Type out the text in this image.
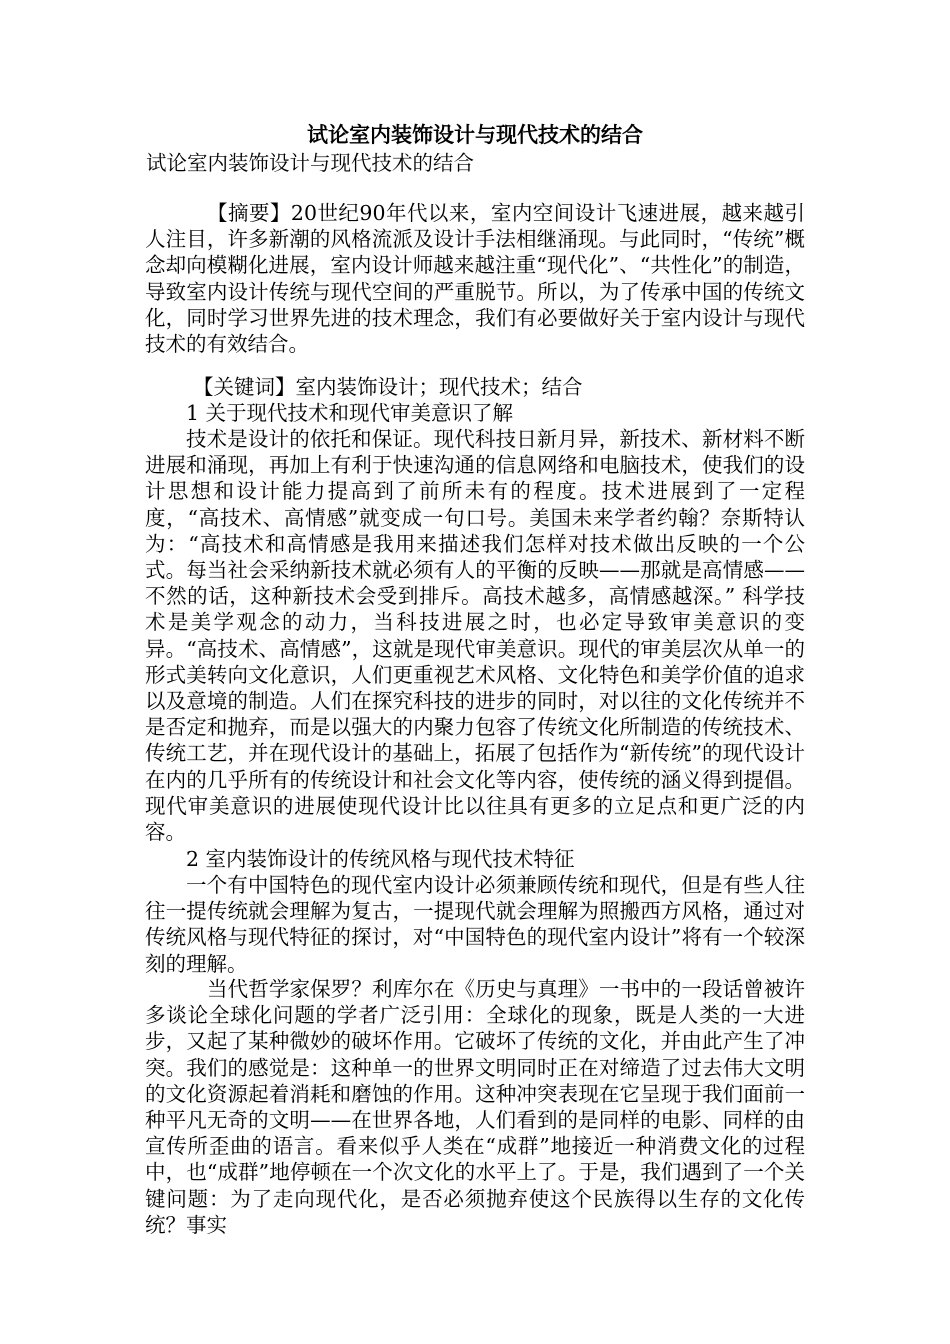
试论室内装饰设计与现代技术的结合

试论室内装饰设计与现代技术的结合

【摘要】20世纪90年代以来，室内空间设计飞速进展，越来越引人注目，许多新潮的风格流派及设计手法相继涌现。与此同时，“传统”概念却向模糊化进展，室内设计师越来越注重“现代化”、“共性化”的制造，导致室内设计传统与现代空间的严重脱节。所以，为了传承中国的传统文化，同时学习世界先进的技术理念，我们有必要做好关于室内设计与现代技术的有效结合。

【关键词】室内装饰设计；现代技术；结合

1 关于现代技术和现代审美意识了解

技术是设计的依托和保证。现代科技日新月异，新技术、新材料不断进展和涌现，再加上有利于快速沟通的信息网络和电脑技术，使我们的设计思想和设计能力提高到了前所未有的程度。技术进展到了一定程度，“高技术、高情感”就变成一句口号。美国未来学者约翰？奈斯特认为：“高技术和高情感是我用来描述我们怎样对技术做出反映的一个公式。每当社会采纳新技术就必须有人的平衡的反映——那就是高情感——不然的话，这种新技术会受到排斥。高技术越多，高情感越深。” 科学技术是美学观念的动力，当科技进展之时，也必定导致审美意识的变异。“高技术、高情感”，这就是现代审美意识。现代的审美层次从单一的形式美转向文化意识，人们更重视艺术风格、文化特色和美学价值的追求以及意境的制造。人们在探究科技的进步的同时，对以往的文化传统并不是否定和抛弃，而是以强大的内聚力包容了传统文化所制造的传统技术、传统工艺，并在现代设计的基础上，拓展了包括作为“新传统”的现代设计在内的几乎所有的传统设计和社会文化等内容，使传统的涵义得到提倡。现代审美意识的进展使现代设计比以往具有更多的立足点和更广泛的内容。

2 室内装饰设计的传统风格与现代技术特征

一个有中国特色的现代室内设计必须兼顾传统和现代，但是有些人往往一提传统就会理解为复古，一提现代就会理解为照搬西方风格，通过对传统风格与现代特征的探讨，对“中国特色的现代室内设计”将有一个较深刻的理解。

当代哲学家保罗？利库尔在《历史与真理》一书中的一段话曾被许多谈论全球化问题的学者广泛引用：全球化的现象，既是人类的一大进步，又起了某种微妙的破坏作用。它破坏了传统的文化，并由此产生了冲突。我们的感觉是：这种单一的世界文明同时正在对缔造了过去伟大文明的文化资源起着消耗和磨蚀的作用。这种冲突表现在它呈现于我们面前一种平凡无奇的文明——在世界各地，人们看到的是同样的电影、同样的由宣传所歪曲的语言。看来似乎人类在“成群”地接近一种消费文化的过程中，也“成群”地停顿在一个次文化的水平上了。于是，我们遇到了一个关键问题：为了走向现代化，是否必须抛弃使这个民族得以生存的文化传统？事实
